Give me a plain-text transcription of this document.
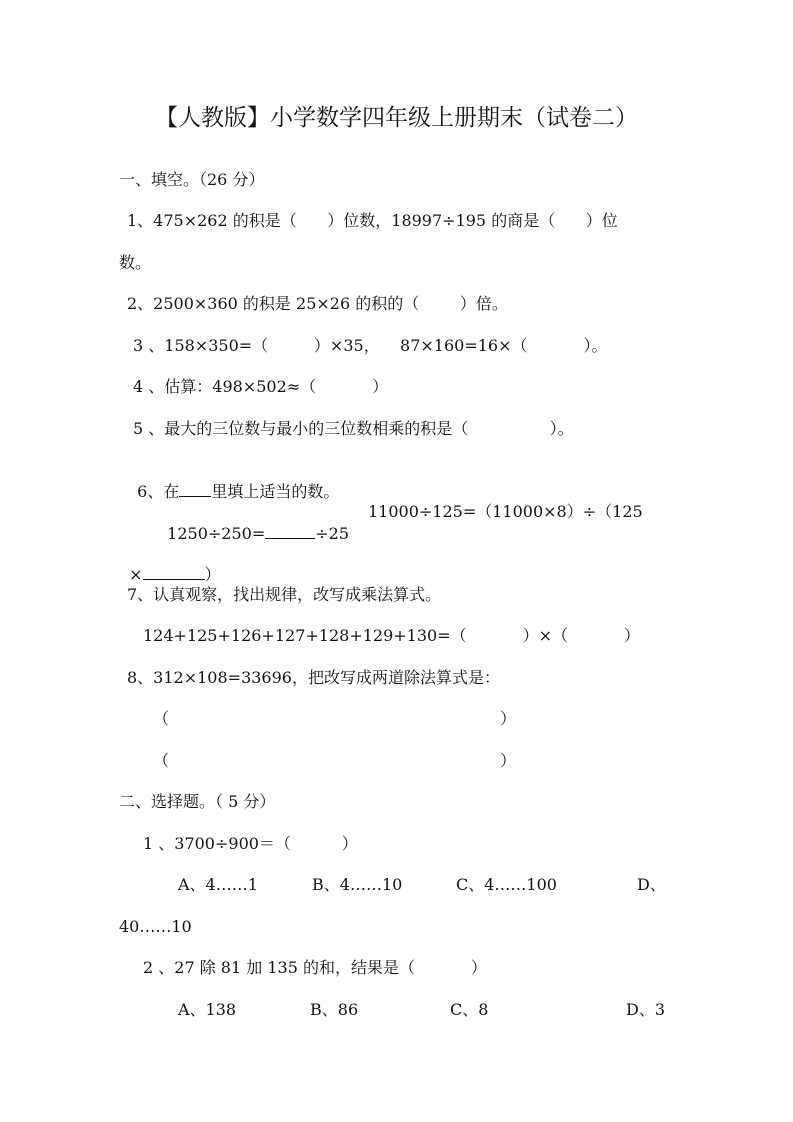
【人教版】小学数学四年级上册期末（试卷二）
一、填空。（26 分）
1、475×262 的积是（      ）位数，18997÷195 的商是（      ）位
数。
2、2500×360 的积是 25×26 的积的（        ）倍。
3 、158×350=（         ）×35，    87×160=16×（           ）。
4 、估算：498×502≈（           ）
5 、最大的三位数与最小的三位数相乘的积是（                ）。

6、在 里填上适当的数。

1250÷250=	÷25

11000÷125=（11000×8）÷（125

×	）

7、认真观察，找出规律，改写成乘法算式。
124+125+126+127+128+129+130=（           ）×（           ）
8、312×108=33696，把改写成两道除法算式是：
（	）
（	）
二、选择题。（ 5 分）
1 、3700÷900＝（          ）
A、4……1	B、4……10	C、4……100	D、
40……10
2 、27 除 81 加 135 的和，结果是（           ）
A、138	B、86	C、8	D、3
